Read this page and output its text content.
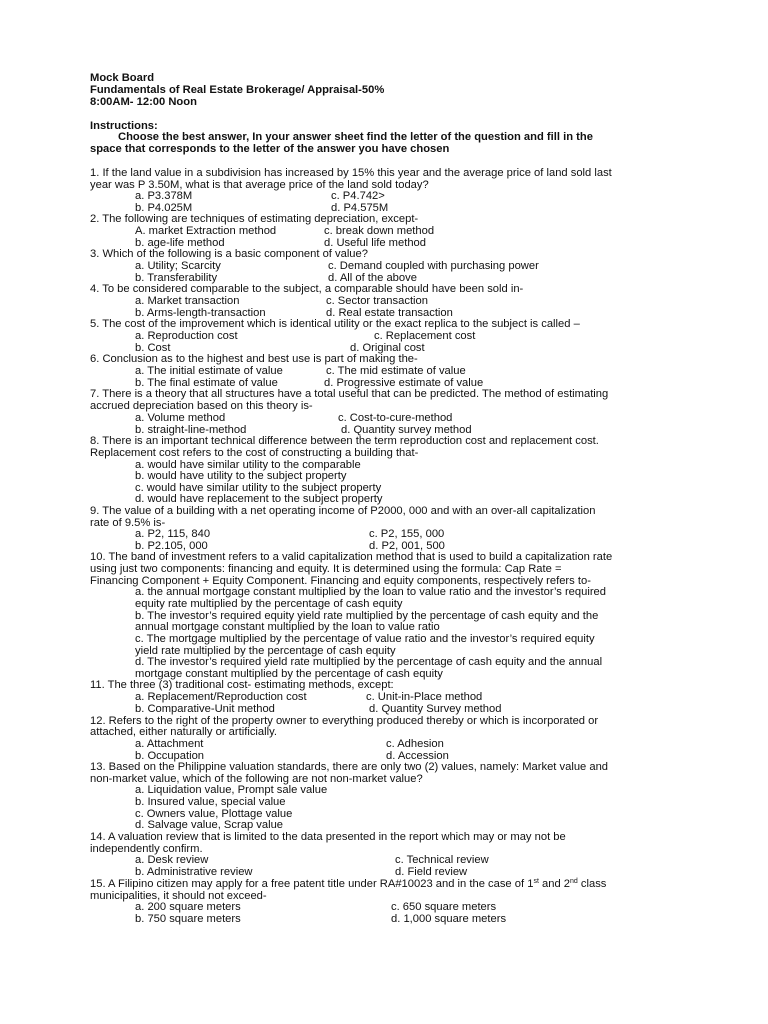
Mock Board
Fundamentals of Real Estate Brokerage/ Appraisal-50%
8:00AM- 12:00 Noon
Instructions:
Choose the best answer, In your answer sheet find the letter of the question and fill in the
space that corresponds to the letter of the answer you have chosen
1. If the land value in a subdivision has increased by 15% this year and the average price of land sold last
year was P 3.50M, what is that average price of the land sold today?
a. P3.378M	c. P4.742>
b. P4.025M	d. P4.575M
2. The following are techniques of estimating depreciation, except-
A. market Extraction method	c. break down method
b. age-life method	d. Useful life method
3. Which of the following is a basic component of value?
a. Utility; Scarcity	c. Demand coupled with purchasing power
b. Transferability	d. All of the above
4. To be considered comparable to the subject, a comparable should have been sold in-
a. Market transaction	c. Sector transaction
b. Arms-length-transaction	d. Real estate transaction
5. The cost of the improvement which is identical utility or the exact replica to the subject is called –
a. Reproduction cost	c. Replacement cost
b. Cost	d. Original cost
6. Conclusion as to the highest and best use is part of making the-
a. The initial estimate of value	c. The mid estimate of value
b. The final estimate of value	d. Progressive estimate of value
7. There is a theory that all structures have a total useful that can be predicted. The method of estimating
accrued depreciation based on this theory is-
a. Volume method	c. Cost-to-cure-method
b. straight-line-method	d. Quantity survey method
8. There is an important technical difference between the term reproduction cost and replacement cost.
Replacement cost refers to the cost of constructing a building that-
a. would have similar utility to the comparable
b. would have utility to the subject property
c. would have similar utility to the subject property
d. would have replacement to the subject property
9. The value of a building with a net operating income of P2000, 000 and with an over-all capitalization
rate of 9.5% is-
a. P2, 115, 840	c. P2, 155, 000
b. P2.105, 000	d. P2, 001, 500
10. The band of investment refers to a valid capitalization method that is used to build a capitalization rate
using just two components: financing and equity. It is determined using the formula: Cap Rate =
Financing Component + Equity Component. Financing and equity components, respectively refers to-
a. the annual mortgage constant multiplied by the loan to value ratio and the investor’s required
equity rate multiplied by the percentage of cash equity
b. The investor’s required equity yield rate multiplied by the percentage of cash equity and the
annual mortgage constant multiplied by the loan to value ratio
c. The mortgage multiplied by the percentage of value ratio and the investor’s required equity
yield rate multiplied by the percentage of cash equity
d. The investor’s required yield rate multiplied by the percentage of cash equity and the annual
mortgage constant multiplied by the percentage of cash equity
11. The three (3) traditional cost- estimating methods, except:
a. Replacement/Reproduction cost	c. Unit-in-Place method
b. Comparative-Unit method	d. Quantity Survey method
12. Refers to the right of the property owner to everything produced thereby or which is incorporated or
attached, either naturally or artificially.
a. Attachment	c. Adhesion
b. Occupation	d. Accession
13. Based on the Philippine valuation standards, there are only two (2) values, namely: Market value and
non-market value, which of the following are not non-market value?
a. Liquidation value, Prompt sale value
b. Insured value, special value
c. Owners value, Plottage value
d. Salvage value, Scrap value
14. A valuation review that is limited to the data presented in the report which may or may not be
independently confirm.
a. Desk review	c. Technical review
b. Administrative review	d. Field review
15. A Filipino citizen may apply for a free patent title under RA#10023 and in the case of 1st and 2nd class
municipalities, it should not exceed-
a. 200 square meters	c. 650 square meters
b. 750 square meters	d. 1,000 square meters
